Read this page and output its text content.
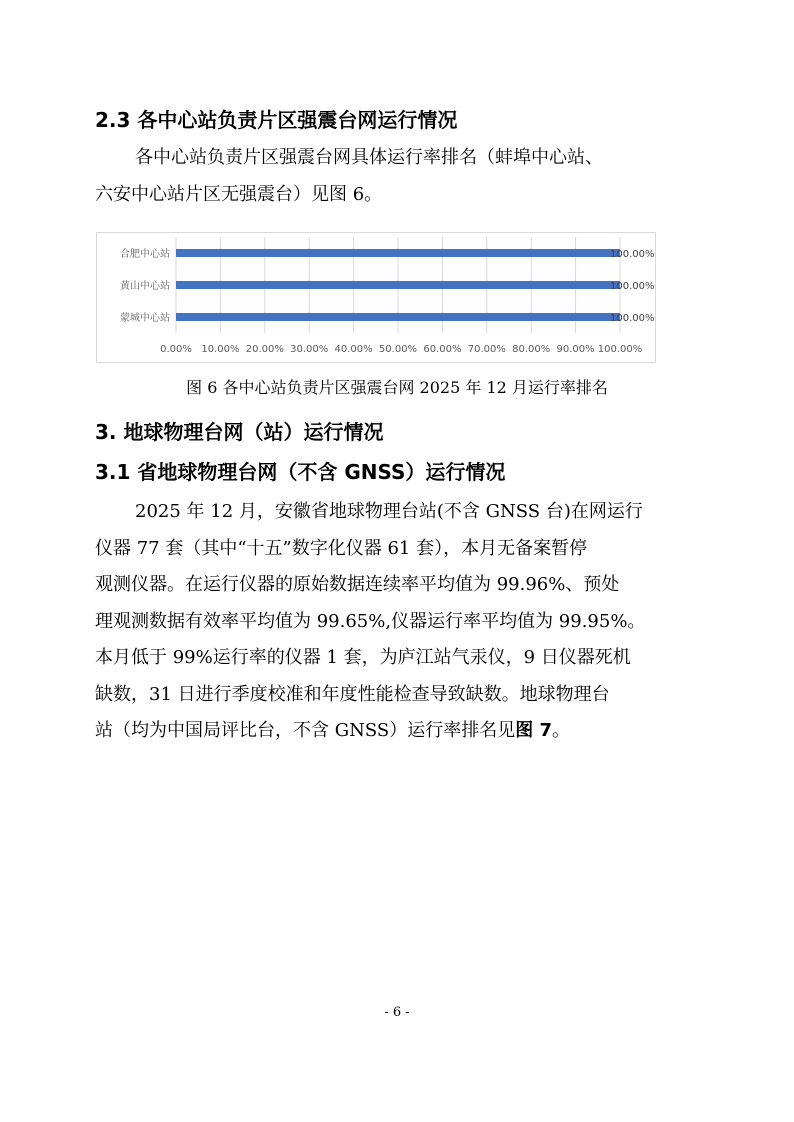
2.3 各中心站负责片区强震台网运行情况
各中心站负责片区强震台网具体运行率排名（蚌埠中心站、
六安中心站片区无强震台）见图 6。
0.00% 10.00% 20.00% 30.00% 40.00% 50.00% 60.00% 70.00% 80.00% 90.00% 100.00%
合肥中心站	100.00%
黄山中心站	100.00%
蒙城中心站	100.00%
图 6 各中心站负责片区强震台网 2025 年 12 月运行率排名
3. 地球物理台网（站）运行情况
3.1 省地球物理台网（不含 GNSS）运行情况
2025 年 12 月，安徽省地球物理台站(不含 GNSS 台)在网运行
仪器 77 套（其中“十五”数字化仪器 61 套），本月无备案暂停
观测仪器。在运行仪器的原始数据连续率平均值为 99.96%、预处
理观测数据有效率平均值为 99.65%,仪器运行率平均值为 99.95%。
本月低于 99%运行率的仪器 1 套，为庐江站气汞仪，9 日仪器死机
缺数，31 日进行季度校准和年度性能检查导致缺数。地球物理台
站（均为中国局评比台，不含 GNSS）运行率排名见图 7。
- 6 -
